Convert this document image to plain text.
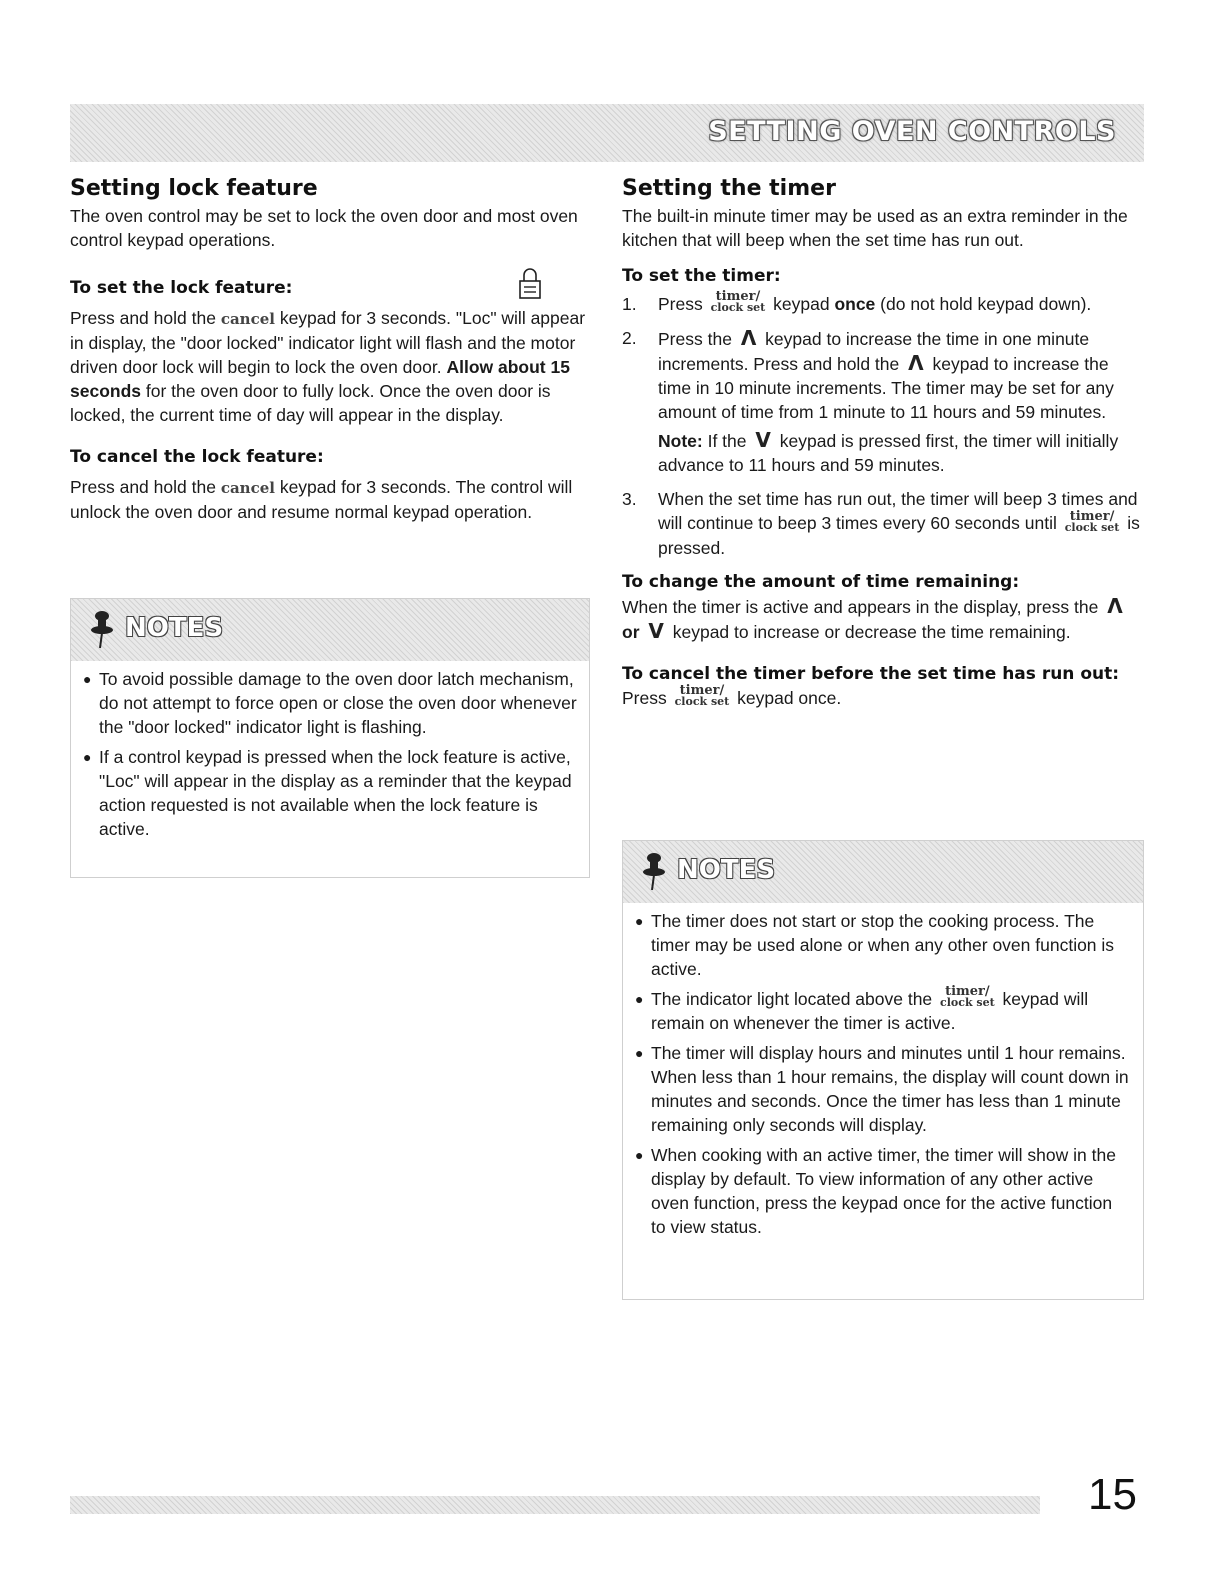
SETTING OVEN CONTROLS
Setting lock feature

The oven control may be set to lock the oven door and most oven control keypad operations.

To set the lock feature:

Press and hold the cancel keypad for 3 seconds. "Loc" will appear in display, the "door locked" indicator light will flash and the motor driven door lock will begin to lock the oven door. Allow about 15 seconds for the oven door to fully lock. Once the oven door is locked, the current time of day will appear in the display.

To cancel the lock feature:

Press and hold the cancel keypad for 3 seconds. The control will unlock the oven door and resume normal keypad operation.

NOTES
● To avoid possible damage to the oven door latch mechanism, do not attempt to force open or close the oven door whenever the "door locked" indicator light is flashing.
● If a control keypad is pressed when the lock feature is active, "Loc" will appear in the display as a reminder that the keypad action requested is not available when the lock feature is active.
Setting the timer

The built-in minute timer may be used as an extra reminder in the kitchen that will beep when the set time has run out.

To set the timer:
1.	Press timer/
clock set keypad once (do not hold keypad down).

2.	Press the Λ keypad to increase the time in one minute increments. Press and hold the Λ keypad to increase the time in 10 minute increments. The timer may be set for any amount of time from 1 minute to 11 hours and 59 minutes.

Note: If the V keypad is pressed first, the timer will initially advance to 11 hours and 59 minutes.

3.	When the set time has run out, the timer will beep 3 times and will continue to beep 3 times every 60 seconds until timer/
clock set is pressed.

To change the amount of time remaining:

When the timer is active and appears in the display, press the Λ or V keypad to increase or decrease the time remaining.

To cancel the timer before the set time has run out:

Press timer/
clock set keypad once.

NOTES
● The timer does not start or stop the cooking process. The timer may be used alone or when any other oven function is active.
● The indicator light located above the timer/
clock set keypad will remain on whenever the timer is active.
● The timer will display hours and minutes until 1 hour remains. When less than 1 hour remains, the display will count down in minutes and seconds. Once the timer has less than 1 minute remaining only seconds will display.
● When cooking with an active timer, the timer will show in the display by default. To view information of any other active oven function, press the keypad once for the active function to view status.
15
